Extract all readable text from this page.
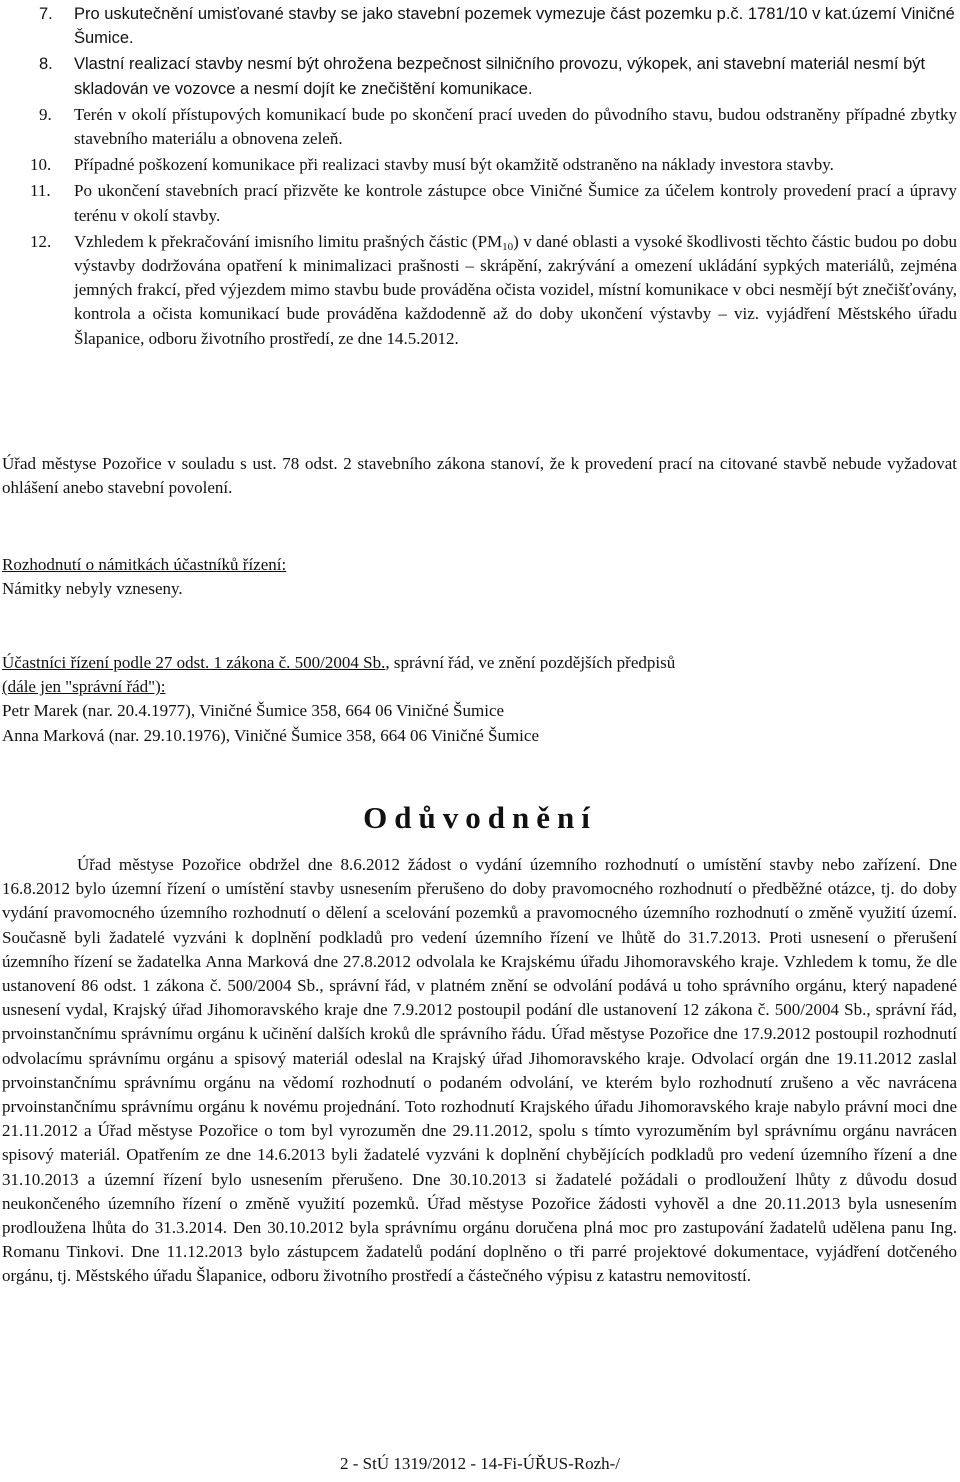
7. Pro uskutečnění umisťované stavby se jako stavební pozemek vymezuje část pozemku p.č. 1781/10 v kat.území Viničné Šumice.
8. Vlastní realizací stavby nesmí být ohrožena bezpečnost silničního provozu, výkopek, ani stavební materiál nesmí být skladován ve vozovce a nesmí dojít ke znečištění komunikace.
9. Terén v okolí přístupových komunikací bude po skončení prací uveden do původního stavu, budou odstraněny případné zbytky stavebního materiálu a obnovena zeleň.
10. Případné poškození komunikace při realizaci stavby musí být okamžitě odstraněno na náklady investora stavby.
11. Po ukončení stavebních prací přizvěte ke kontrole zástupce obce Viničné Šumice za účelem kontroly provedení prací a úpravy terénu v okolí stavby.
12. Vzhledem k překračování imisního limitu prašných částic $(PM_{10})$ v dané oblasti a vysoké škodlivosti těchto částic budou po dobu výstavby dodržována opatření k minimalizaci prašnosti – skrápění, zakrývání a omezení ukládání sypkých materiálů, zejména jemných frakcí, před výjezdem mimo stavbu bude prováděna očista vozidel, místní komunikace v obci nesmějí být znečišťovány, kontrola a očista komunikací bude prováděna každodenně až do doby ukončení výstavby – viz. vyjádření Městského úřadu Šlapanice, odboru životního prostředí, ze dne 14.5.2012.
Úřad městyse Pozořice v souladu s ust. 78 odst. 2 stavebního zákona stanoví, že k provedení prací na citované stavbě nebude vyžadovat ohlášení anebo stavební povolení.
Rozhodnutí o námitkách účastníků řízení:
Námitky nebyly vzneseny.
Účastníci řízení podle 27 odst. 1 zákona č. 500/2004 Sb., správní řád, ve znění pozdějších předpisů
(dále jen "správní řád"):
Petr Marek (nar. 20.4.1977), Viničné Šumice 358, 664 06 Viničné Šumice
Anna Marková (nar. 29.10.1976), Viničné Šumice 358, 664 06 Viničné Šumice
Odůvodnění
Úřad městyse Pozořice obdržel dne 8.6.2012 žádost o vydání územního rozhodnutí o umístění stavby nebo zařízení. Dne 16.8.2012 bylo územní řízení o umístění stavby usnesením přerušeno do doby pravomocného rozhodnutí o předběžné otázce, tj. do doby vydání pravomocného územního rozhodnutí o dělení a scelování pozemků a pravomocného územního rozhodnutí o změně využití území. Současně byli žadatelé vyzváni k doplnění podkladů pro vedení územního řízení ve lhůtě do 31.7.2013. Proti usnesení o přerušení územního řízení se žadatelka Anna Marková dne 27.8.2012 odvolala ke Krajskému úřadu Jihomoravského kraje. Vzhledem k tomu, že dle ustanovení 86 odst. 1 zákona č. 500/2004 Sb., správní řád, v platném znění se odvolání podává u toho správního orgánu, který napadené usnesení vydal, Krajský úřad Jihomoravského kraje dne 7.9.2012 postoupil podání dle ustanovení 12 zákona č. 500/2004 Sb., správní řád, prvoinstančnímu správnímu orgánu k učinění dalších kroků dle správního řádu. Úřad městyse Pozořice dne 17.9.2012 postoupil rozhodnutí odvolacímu správnímu orgánu a spisový materiál odeslal na Krajský úřad Jihomoravského kraje. Odvolací orgán dne 19.11.2012 zaslal prvoinstančnímu správnímu orgánu na vědomí rozhodnutí o podaném odvolání, ve kterém bylo rozhodnutí zrušeno a věc navrácena prvoinstančnímu správnímu orgánu k novému projednání. Toto rozhodnutí Krajského úřadu Jihomoravského kraje nabylo právní moci dne 21.11.2012 a Úřad městyse Pozořice o tom byl vyrozuměn dne 29.11.2012, spolu s tímto vyrozuměním byl správnímu orgánu navrácen spisový materiál. Opatřením ze dne 14.6.2013 byli žadatelé vyzváni k doplnění chybějících podkladů pro vedení územního řízení a dne 31.10.2013 a územní řízení bylo usnesením přerušeno. Dne 30.10.2013 si žadatelé požádali o prodloužení lhůty z důvodu dosud neukončeného územního řízení o změně využití pozemků. Úřad městyse Pozořice žádosti vyhověl a dne 20.11.2013 byla usnesením prodloužena lhůta do 31.3.2014. Den 30.10.2012 byla správnímu orgánu doručena plná moc pro zastupování žadatelů udělena panu Ing. Romanu Tinkovi. Dne 11.12.2013 bylo zástupcem žadatelů podání doplněno o tři parré projektové dokumentace, vyjádření dotčeného orgánu, tj. Městského úřadu Šlapanice, odboru životního prostředí a částečného výpisu z katastru nemovitostí.
2 - StÚ 1319/2012 - 14-Fi-ÚŘUS-Rozh-/
